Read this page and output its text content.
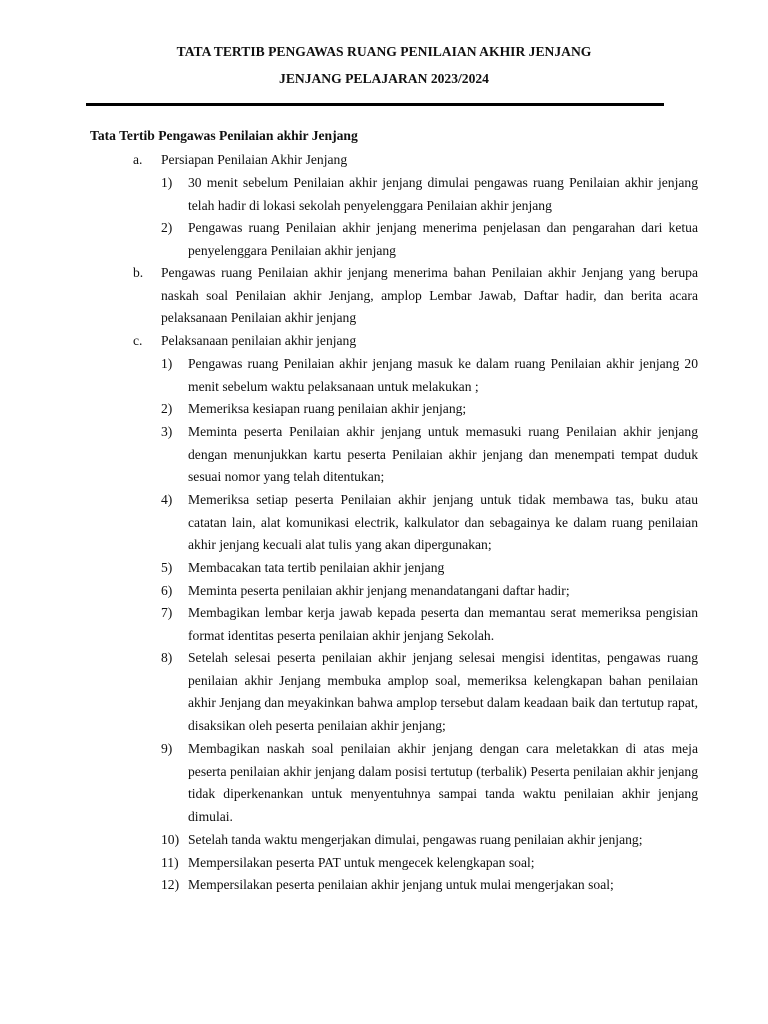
TATA TERTIB PENGAWAS RUANG PENILAIAN AKHIR JENJANG
JENJANG PELAJARAN 2023/2024
Tata Tertib Pengawas Penilaian akhir Jenjang
a. Persiapan Penilaian Akhir Jenjang
1) 30 menit sebelum Penilaian akhir jenjang dimulai pengawas ruang Penilaian akhir jenjang telah hadir di lokasi sekolah penyelenggara Penilaian akhir jenjang
2) Pengawas ruang Penilaian akhir jenjang menerima penjelasan dan pengarahan dari ketua penyelenggara Penilaian akhir jenjang
b. Pengawas ruang Penilaian akhir jenjang menerima bahan Penilaian akhir Jenjang yang berupa naskah soal Penilaian akhir Jenjang, amplop Lembar Jawab, Daftar hadir, dan berita acara pelaksanaan Penilaian akhir jenjang
c. Pelaksanaan penilaian akhir jenjang
1) Pengawas ruang Penilaian akhir jenjang masuk ke dalam ruang Penilaian akhir jenjang 20 menit sebelum waktu pelaksanaan untuk melakukan ;
2) Memeriksa kesiapan ruang penilaian akhir jenjang;
3) Meminta peserta Penilaian akhir jenjang untuk memasuki ruang Penilaian akhir jenjang dengan menunjukkan kartu peserta Penilaian akhir jenjang dan menempati tempat duduk sesuai nomor yang telah ditentukan;
4) Memeriksa setiap peserta Penilaian akhir jenjang untuk tidak membawa tas, buku atau catatan lain, alat komunikasi electrik, kalkulator dan sebagainya ke dalam ruang penilaian akhir jenjang kecuali alat tulis yang akan dipergunakan;
5) Membacakan tata tertib penilaian akhir jenjang
6) Meminta peserta penilaian akhir jenjang menandatangani daftar hadir;
7) Membagikan lembar kerja jawab kepada peserta dan memantau serat memeriksa pengisian format identitas peserta penilaian akhir jenjang Sekolah.
8) Setelah selesai peserta penilaian akhir jenjang selesai mengisi identitas, pengawas ruang penilaian akhir Jenjang membuka amplop soal, memeriksa kelengkapan bahan penilaian akhir Jenjang dan meyakinkan bahwa amplop tersebut dalam keadaan baik dan tertutup rapat, disaksikan oleh peserta penilaian akhir jenjang;
9) Membagikan naskah soal penilaian akhir jenjang dengan cara meletakkan di atas meja peserta penilaian akhir jenjang dalam posisi tertutup (terbalik) Peserta penilaian akhir jenjang tidak diperkenankan untuk menyentuhnya sampai tanda waktu penilaian akhir jenjang dimulai.
10) Setelah tanda waktu mengerjakan dimulai, pengawas ruang penilaian akhir jenjang;
11) Mempersilakan peserta PAT untuk mengecek kelengkapan soal;
12) Mempersilakan peserta penilaian akhir jenjang untuk mulai mengerjakan soal;
